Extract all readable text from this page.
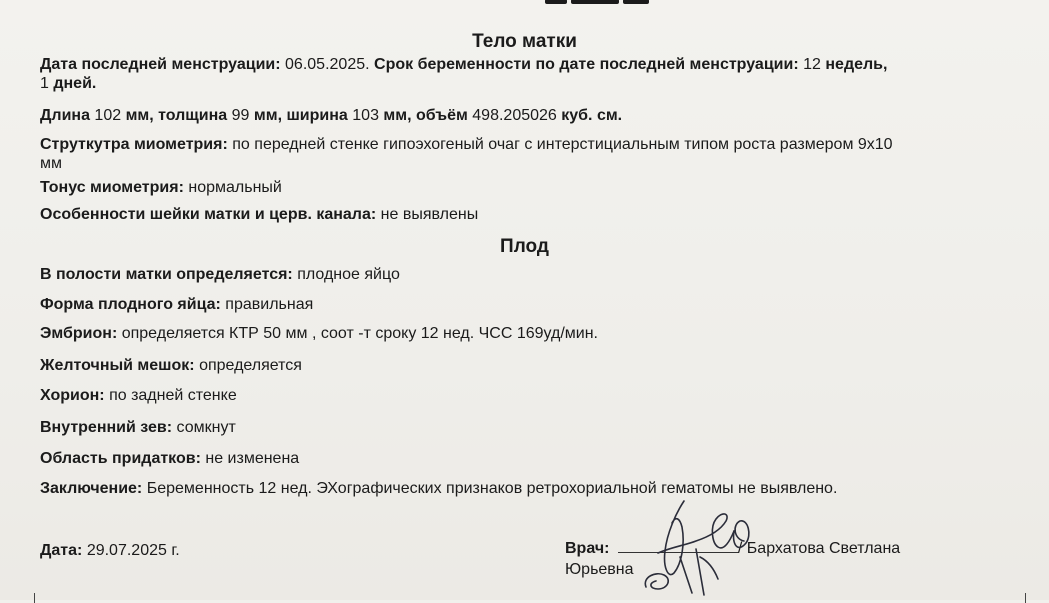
Тело матки
Дата последней менструации: 06.05.2025. Срок беременности по дате последней менструации: 12 недель,
1 дней.
Длина 102 мм, толщина 99 мм, ширина 103 мм, объём 498.205026 куб. см.
Струткутра миометрия: по передней стенке гипоэхогеный очаг с интерстициальным типом роста размером 9х10
мм
Тонус миометрия: нормальный
Особенности шейки матки и церв. канала: не выявлены
Плод
В полости матки определяется: плодное яйцо
Форма плодного яйца: правильная
Эмбрион: определяется КТР 50 мм , соот -т сроку 12 нед. ЧСС 169уд/мин.
Желточный мешок: определяется
Хорион: по задней стенке
Внутренний зев: сомкнут
Область придатков: не изменена
Заключение: Беременность 12 нед. ЭХографических признаков ретрохориальной гематомы не выявлено.
Дата: 29.07.2025 г.	Врач:	/ Бархатова Светлана
Юрьевна
